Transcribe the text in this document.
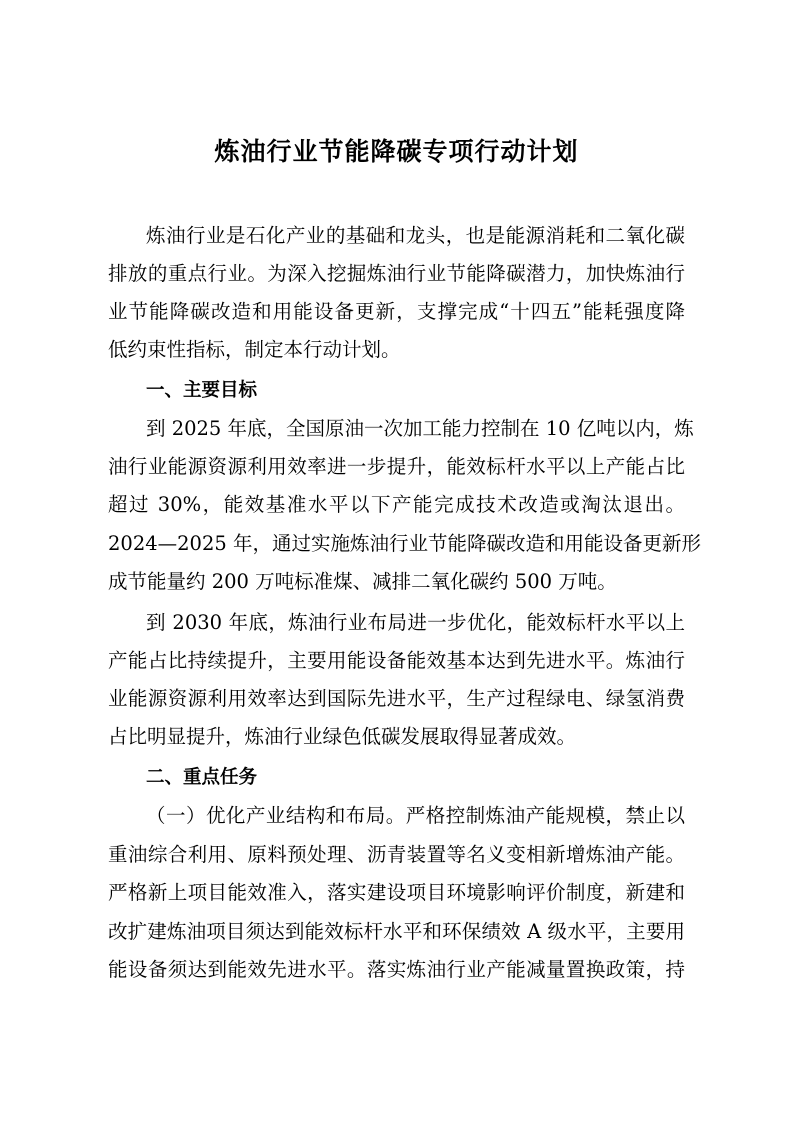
炼油行业节能降碳专项行动计划
炼油行业是石化产业的基础和龙头，也是能源消耗和二氧化碳
排放的重点行业。为深入挖掘炼油行业节能降碳潜力，加快炼油行
业节能降碳改造和用能设备更新，支撑完成“十四五”能耗强度降
低约束性指标，制定本行动计划。
一、主要目标
到 2025 年底，全国原油一次加工能力控制在 10 亿吨以内，炼
油行业能源资源利用效率进一步提升，能效标杆水平以上产能占比
超过 30%，能效基准水平以下产能完成技术改造或淘汰退出。
2024—2025 年，通过实施炼油行业节能降碳改造和用能设备更新形
成节能量约 200 万吨标准煤、减排二氧化碳约 500 万吨。
到 2030 年底，炼油行业布局进一步优化，能效标杆水平以上
产能占比持续提升，主要用能设备能效基本达到先进水平。炼油行
业能源资源利用效率达到国际先进水平，生产过程绿电、绿氢消费
占比明显提升，炼油行业绿色低碳发展取得显著成效。
二、重点任务
（一）优化产业结构和布局。严格控制炼油产能规模，禁止以
重油综合利用、原料预处理、沥青装置等名义变相新增炼油产能。
严格新上项目能效准入，落实建设项目环境影响评价制度，新建和
改扩建炼油项目须达到能效标杆水平和环保绩效 A 级水平，主要用
能设备须达到能效先进水平。落实炼油行业产能减量置换政策，持
